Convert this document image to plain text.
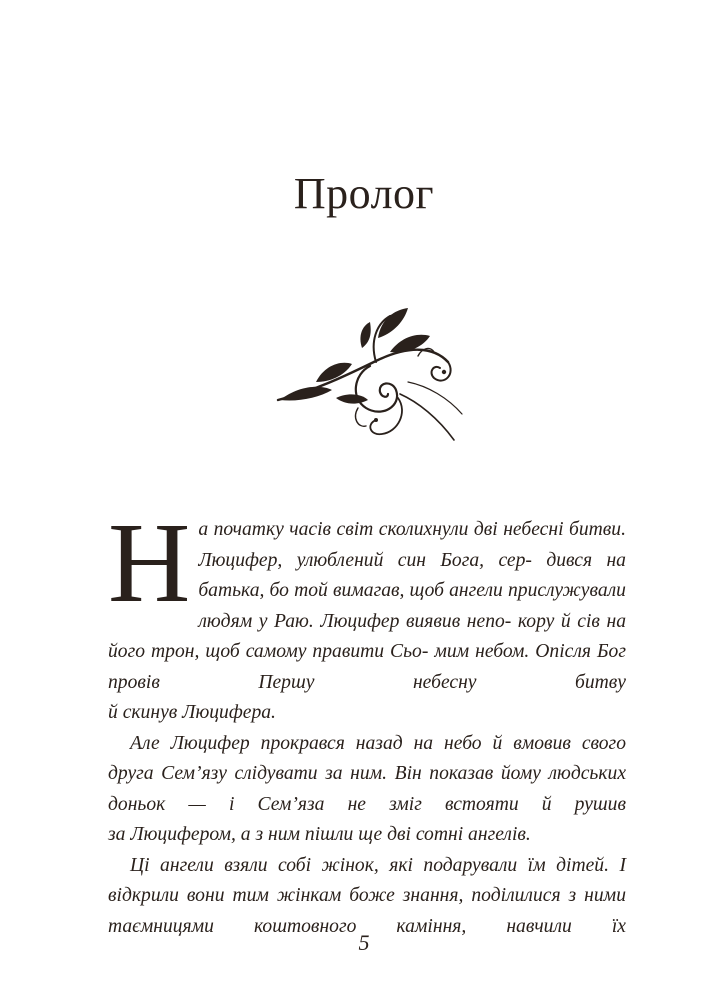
Пролог

На початку часів світ сколихнули дві небесні битви. Люцифер, улюблений син Бога, сер- дився на батька, бо той вимагав, щоб ангели прислужували людям у Раю. Люцифер виявив непо- кору й сів на його трон, щоб самому правити Сьо- мим небом. Опісля Бог провів Першу небесну битву

й скинув Люцифера.

Але Люцифер прокрався назад на небо й вмовив свого друга Сем’язу слідувати за ним. Він показав йому людських доньок — і Сем’яза не зміг встояти й рушив

за Люцифером, а з ним пішли ще дві сотні ангелів.

Ці ангели взяли собі жінок, які подарували їм дітей. І відкрили вони тим жінкам боже знання, поділилися з ними таємницями коштовного каміння, навчили їх

5
